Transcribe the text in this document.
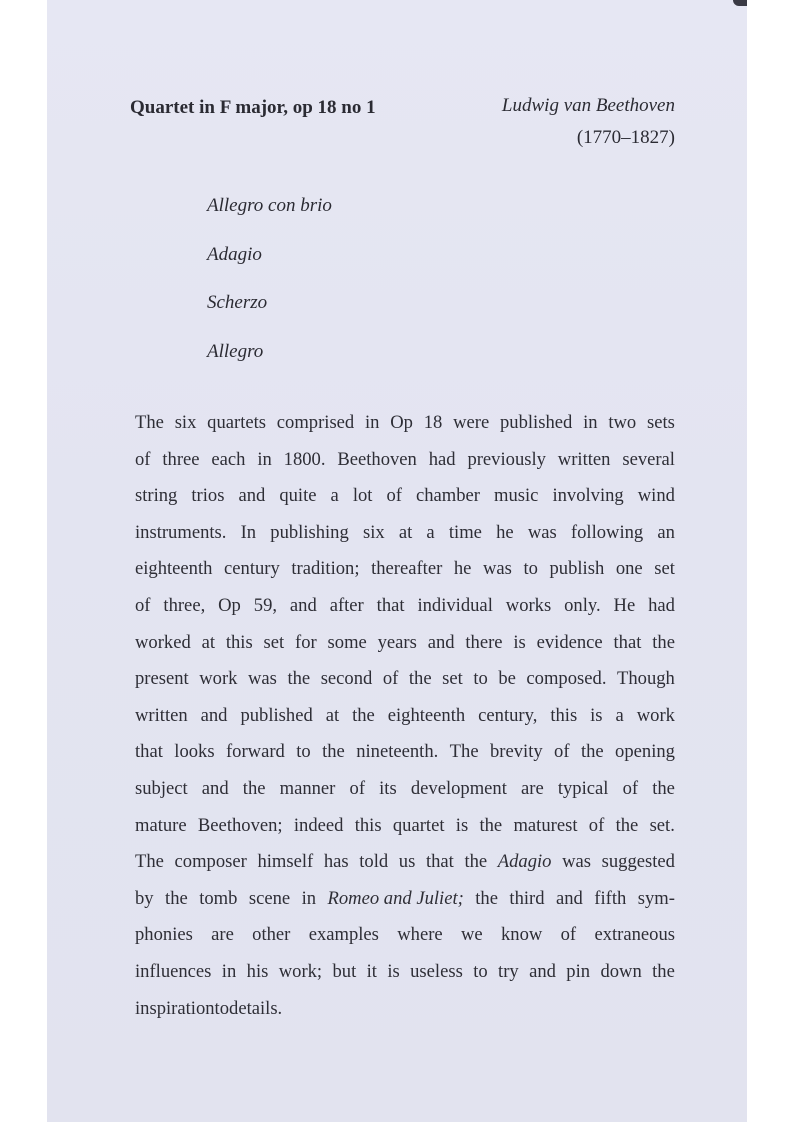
Quartet in F major, op 18 no 1	Ludwig van Beethoven
(1770–1827)
Allegro con brio
Adagio
Scherzo
Allegro
The six quartets comprised in Op 18 were published in two sets
of three each in 1800. Beethoven had previously written several
string trios and quite a lot of chamber music involving wind
instruments. In publishing six at a time he was following an
eighteenth century tradition; thereafter he was to publish one set
of three, Op 59, and after that individual works only. He had
worked at this set for some years and there is evidence that the
present work was the second of the set to be composed. Though
written and published at the eighteenth century, this is a work
that looks forward to the nineteenth. The brevity of the opening
subject and the manner of its development are typical of the
mature Beethoven; indeed this quartet is the maturest of the set.
The composer himself has told us that the Adagio was suggested
by the tomb scene in Romeo and Juliet; the third and fifth sym-
phonies are other examples where we know of extraneous
influences in his work; but it is useless to try and pin down the
inspiration to details.
